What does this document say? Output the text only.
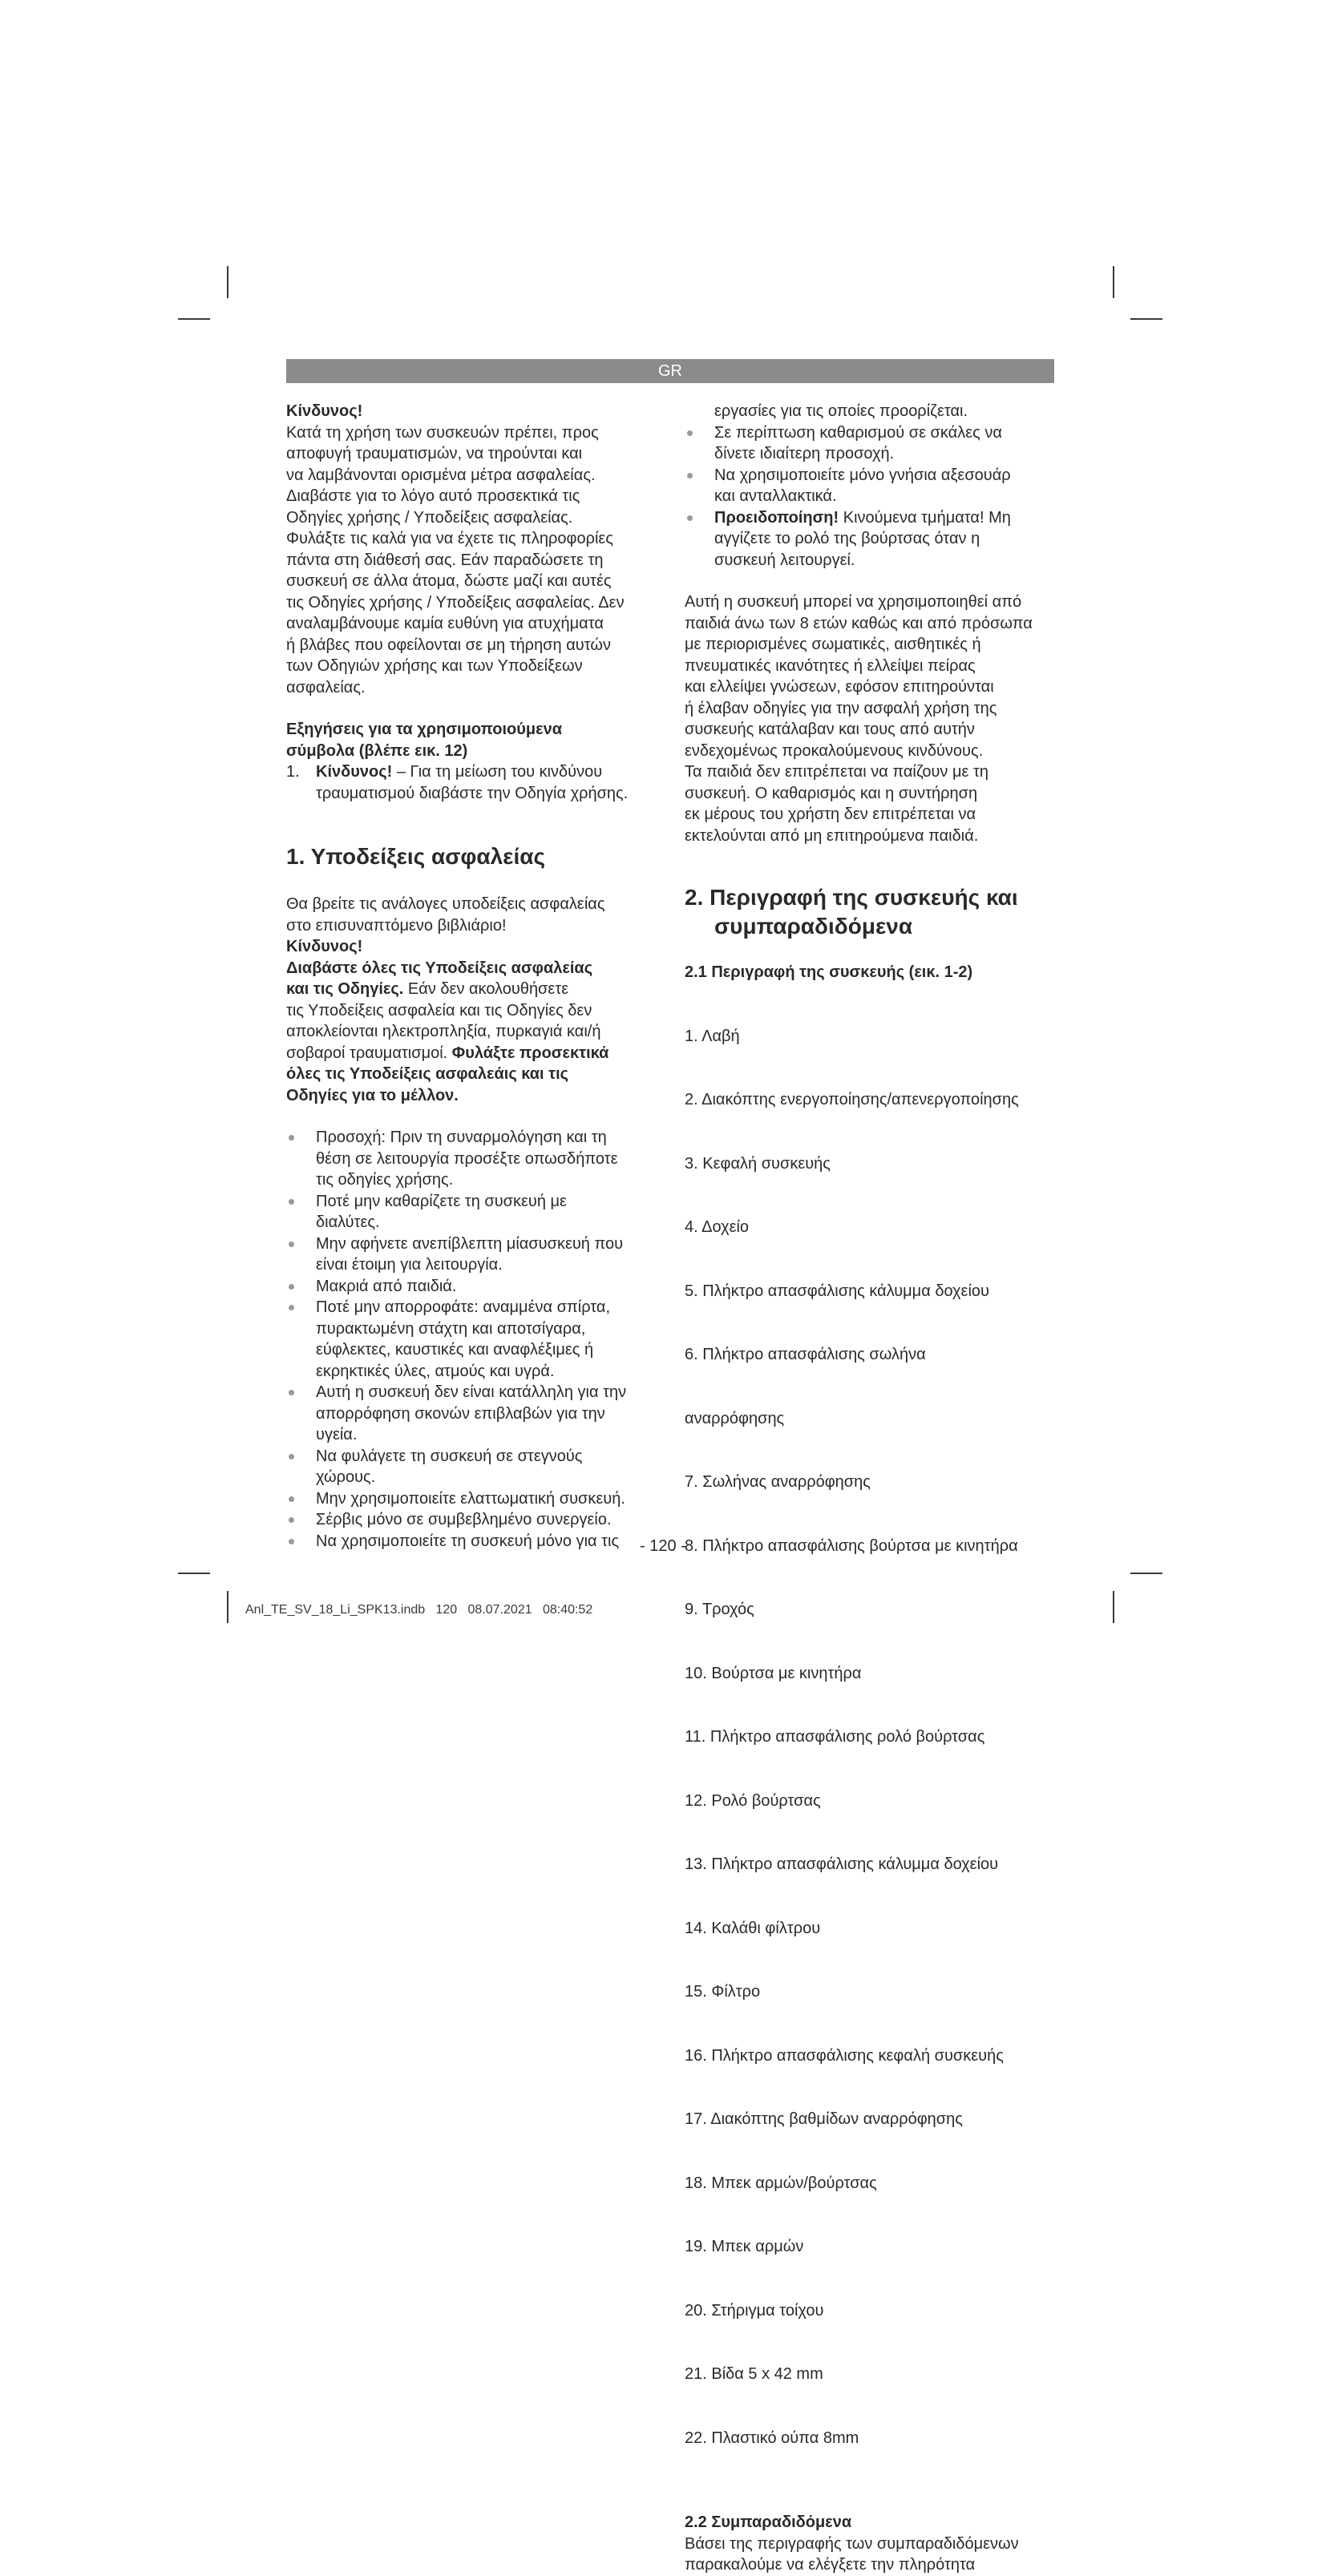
GR

Κίνδυνος!

Κατά τη χρήση των συσκευών πρέπει, προς

αποφυγή τραυματισμών, να τηρούνται και

να λαμβάνονται ορισμένα μέτρα ασφαλείας.

Διαβάστε για το λόγο αυτό προσεκτικά τις

Οδηγίες χρήσης / Υποδείξεις ασφαλείας.

Φυλάξτε τις καλά για να έχετε τις πληροφορίες

πάντα στη διάθεσή σας. Εάν παραδώσετε τη

συσκευή σε άλλα άτομα, δώστε μαζί και αυτές

τις Οδηγίες χρήσης / Υποδείξεις ασφαλείας. Δεν

αναλαμβάνουμε καμία ευθύνη για ατυχήματα

ή βλάβες που οφείλονται σε μη τήρηση αυτών

των Οδηγιών χρήσης και των Υποδείξεων

ασφαλείας.

Εξηγήσεις για τα χρησιμοποιούμενα

σύμβολα (βλέπε εικ. 12)

1. Κίνδυνος! – Για τη μείωση του κινδύνου
τραυματισμού διαβάστε την Οδηγία χρήσης.

1. Υποδείξεις ασφαλείας

Θα βρείτε τις ανάλογες υποδείξεις ασφαλείας

στο επισυναπτόμενο βιβλιάριο!

Κίνδυνος!

Διαβάστε όλες τις Υποδείξεις ασφαλείας

και τις Οδηγίες. Εάν δεν ακολουθήσετε

τις Υποδείξεις ασφαλεία και τις Οδηγίες δεν

αποκλείονται ηλεκτροπληξία, πυρκαγιά και/ή

σοβαροί τραυματισμοί. Φυλάξτε προσεκτικά

όλες τις Υποδείξεις ασφαλεάις και τις

Οδηγίες για το μέλλον.

Προσοχή: Πριν τη συναρμολόγηση και τη
θέση σε λειτουργία προσέξτε οπωσδήποτε
τις οδηγίες χρήσης.
Ποτέ μην καθαρίζετε τη συσκευή με
διαλύτες.
Μην αφήνετε ανεπίβλεπτη μίασυσκευή που
είναι έτοιμη για λειτουργία.
Μακριά από παιδιά.
Ποτέ μην απορροφάτε: αναμμένα σπίρτα,
πυρακτωμένη στάχτη και αποτσίγαρα,
εύφλεκτες, καυστικές και αναφλέξιμες ή
εκρηκτικές ύλες, ατμούς και υγρά.
Αυτή η συσκευή δεν είναι κατάλληλη για την
απορρόφηση σκονών επιβλαβών για την
υγεία.
Να φυλάγετε τη συσκευή σε στεγνούς
χώρους.
Μην χρησιμοποιείτε ελαττωματική συσκευή.
Σέρβις μόνο σε συμβεβλημένο συνεργείο.
Να χρησιμοποιείτε τη συσκευή μόνο για τις

εργασίες για τις οποίες προορίζεται.

Σε περίπτωση καθαρισμού σε σκάλες να
δίνετε ιδιαίτερη προσοχή.
Να χρησιμοποιείτε μόνο γνήσια αξεσουάρ
και ανταλλακτικά.
Προειδοποίηση! Κινούμενα τμήματα! Μη
αγγίζετε το ρολό της βούρτσας όταν η
συσκευή λειτουργεί.

Αυτή η συσκευή μπορεί να χρησιμοποιηθεί από

παιδιά άνω των 8 ετών καθώς και από πρόσωπα

με περιορισμένες σωματικές, αισθητικές ή

πνευματικές ικανότητες ή ελλείψει πείρας

και ελλείψει γνώσεων, εφόσον επιτηρούνται

ή έλαβαν οδηγίες για την ασφαλή χρήση της

συσκευής κατάλαβαν και τους από αυτήν

ενδεχομένως προκαλούμενους κινδύνους.

Τα παιδιά δεν επιτρέπεται να παίζουν με τη

συσκευή. Ο καθαρισμός και η συντήρηση

εκ μέρους του χρήστη δεν επιτρέπεται να

εκτελούνται από μη επιτηρούμενα παιδιά.

2. Περιγραφή της συσκευής και

συμπαραδιδόμενα

2.1 Περιγραφή της συσκευής (εικ. 1-2)

1. Λαβή

2. Διακόπτης ενεργοποίησης/απενεργοποίησης

3. Κεφαλή συσκευής

4. Δοχείο

5. Πλήκτρο απασφάλισης κάλυμμα δοχείου

6. Πλήκτρο απασφάλισης σωλήνα

αναρρόφησης

7. Σωλήνας αναρρόφησης

8. Πλήκτρο απασφάλισης βούρτσα με κινητήρα

9. Τροχός

10. Βούρτσα με κινητήρα

11. Πλήκτρο απασφάλισης ρολό βούρτσας

12. Ρολό βούρτσας

13. Πλήκτρο απασφάλισης κάλυμμα δοχείου

14. Καλάθι φίλτρου

15. Φίλτρο

16. Πλήκτρο απασφάλισης κεφαλή συσκευής

17. Διακόπτης βαθμίδων αναρρόφησης

18. Μπεκ αρμών/βούρτσας

19. Μπεκ αρμών

20. Στήριγμα τοίχου

21. Βίδα 5 x 42 mm

22. Πλαστικό ούπα 8mm

2.2 Συμπαραδιδόμενα

Βάσει της περιγραφής των συμπαραδιδόμενων

παρακαλούμε να ελέγξετε την πληρότητα

- 120 -
Anl_TE_SV_18_Li_SPK13.indb   120   08.07.2021   08:40:52
